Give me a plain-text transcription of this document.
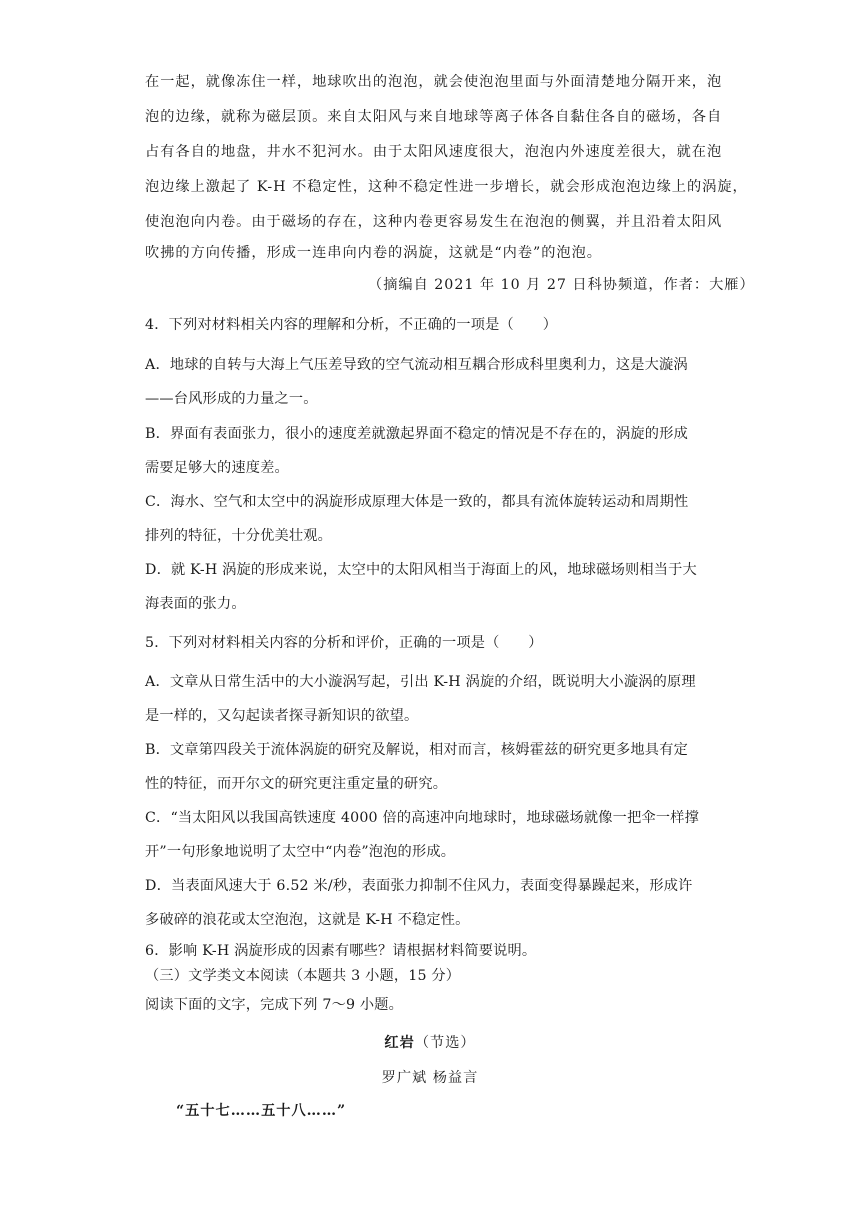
在一起，就像冻住一样，地球吹出的泡泡，就会使泡泡里面与外面清楚地分隔开来，泡
泡的边缘，就称为磁层顶。来自太阳风与来自地球等离子体各自黏住各自的磁场，各自
占有各自的地盘，井水不犯河水。由于太阳风速度很大，泡泡内外速度差很大，就在泡
泡边缘上激起了 K-H 不稳定性，这种不稳定性进一步增长，就会形成泡泡边缘上的涡旋，
使泡泡向内卷。由于磁场的存在，这种内卷更容易发生在泡泡的侧翼，并且沿着太阳风
吹拂的方向传播，形成一连串向内卷的涡旋，这就是“内卷”的泡泡。
（摘编自 2021 年 10 月 27 日科协频道，作者：大雁）
4．下列对材料相关内容的理解和分析，不正确的一项是（　　）
A．地球的自转与大海上气压差导致的空气流动相互耦合形成科里奥利力，这是大漩涡
——台风形成的力量之一。
B．界面有表面张力，很小的速度差就激起界面不稳定的情况是不存在的，涡旋的形成
需要足够大的速度差。
C．海水、空气和太空中的涡旋形成原理大体是一致的，都具有流体旋转运动和周期性
排列的特征，十分优美壮观。
D．就 K-H 涡旋的形成来说，太空中的太阳风相当于海面上的风，地球磁场则相当于大
海表面的张力。
5．下列对材料相关内容的分析和评价，正确的一项是（　　）
A．文章从日常生活中的大小漩涡写起，引出 K-H 涡旋的介绍，既说明大小漩涡的原理
是一样的，又勾起读者探寻新知识的欲望。
B．文章第四段关于流体涡旋的研究及解说，相对而言，核姆霍兹的研究更多地具有定
性的特征，而开尔文的研究更注重定量的研究。
C．“当太阳风以我国高铁速度 4000 倍的高速冲向地球时，地球磁场就像一把伞一样撑
开”一句形象地说明了太空中“内卷”泡泡的形成。
D．当表面风速大于 6.52 米/秒，表面张力抑制不住风力，表面变得暴躁起来，形成许
多破碎的浪花或太空泡泡，这就是 K-H 不稳定性。
6．影响 K-H 涡旋形成的因素有哪些？请根据材料简要说明。
（三）文学类文本阅读（本题共 3 小题，15 分）
阅读下面的文字，完成下列 7～9 小题。
红岩（节选）
罗广斌 杨益言
“五十七……五十八……”
